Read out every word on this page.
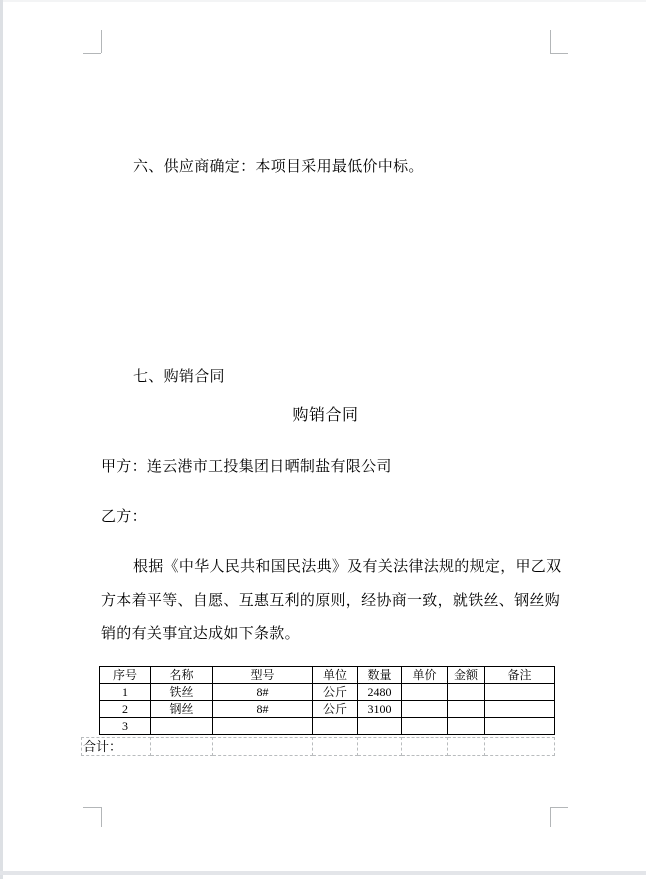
六、供应商确定：本项目采用最低价中标。
七、购销合同
购销合同
甲方：连云港市工投集团日晒制盐有限公司
乙方：
根据《中华人民共和国民法典》及有关法律法规的规定，甲乙双
方本着平等、自愿、互惠互利的原则，经协商一致，就铁丝、钢丝购
销的有关事宜达成如下条款。
序号	名称	型号	单位	数量	单价	金额	备注
1	铁丝	8#	公斤	2480			
2	钢丝	8#	公斤	3100			
3							
合计：							
